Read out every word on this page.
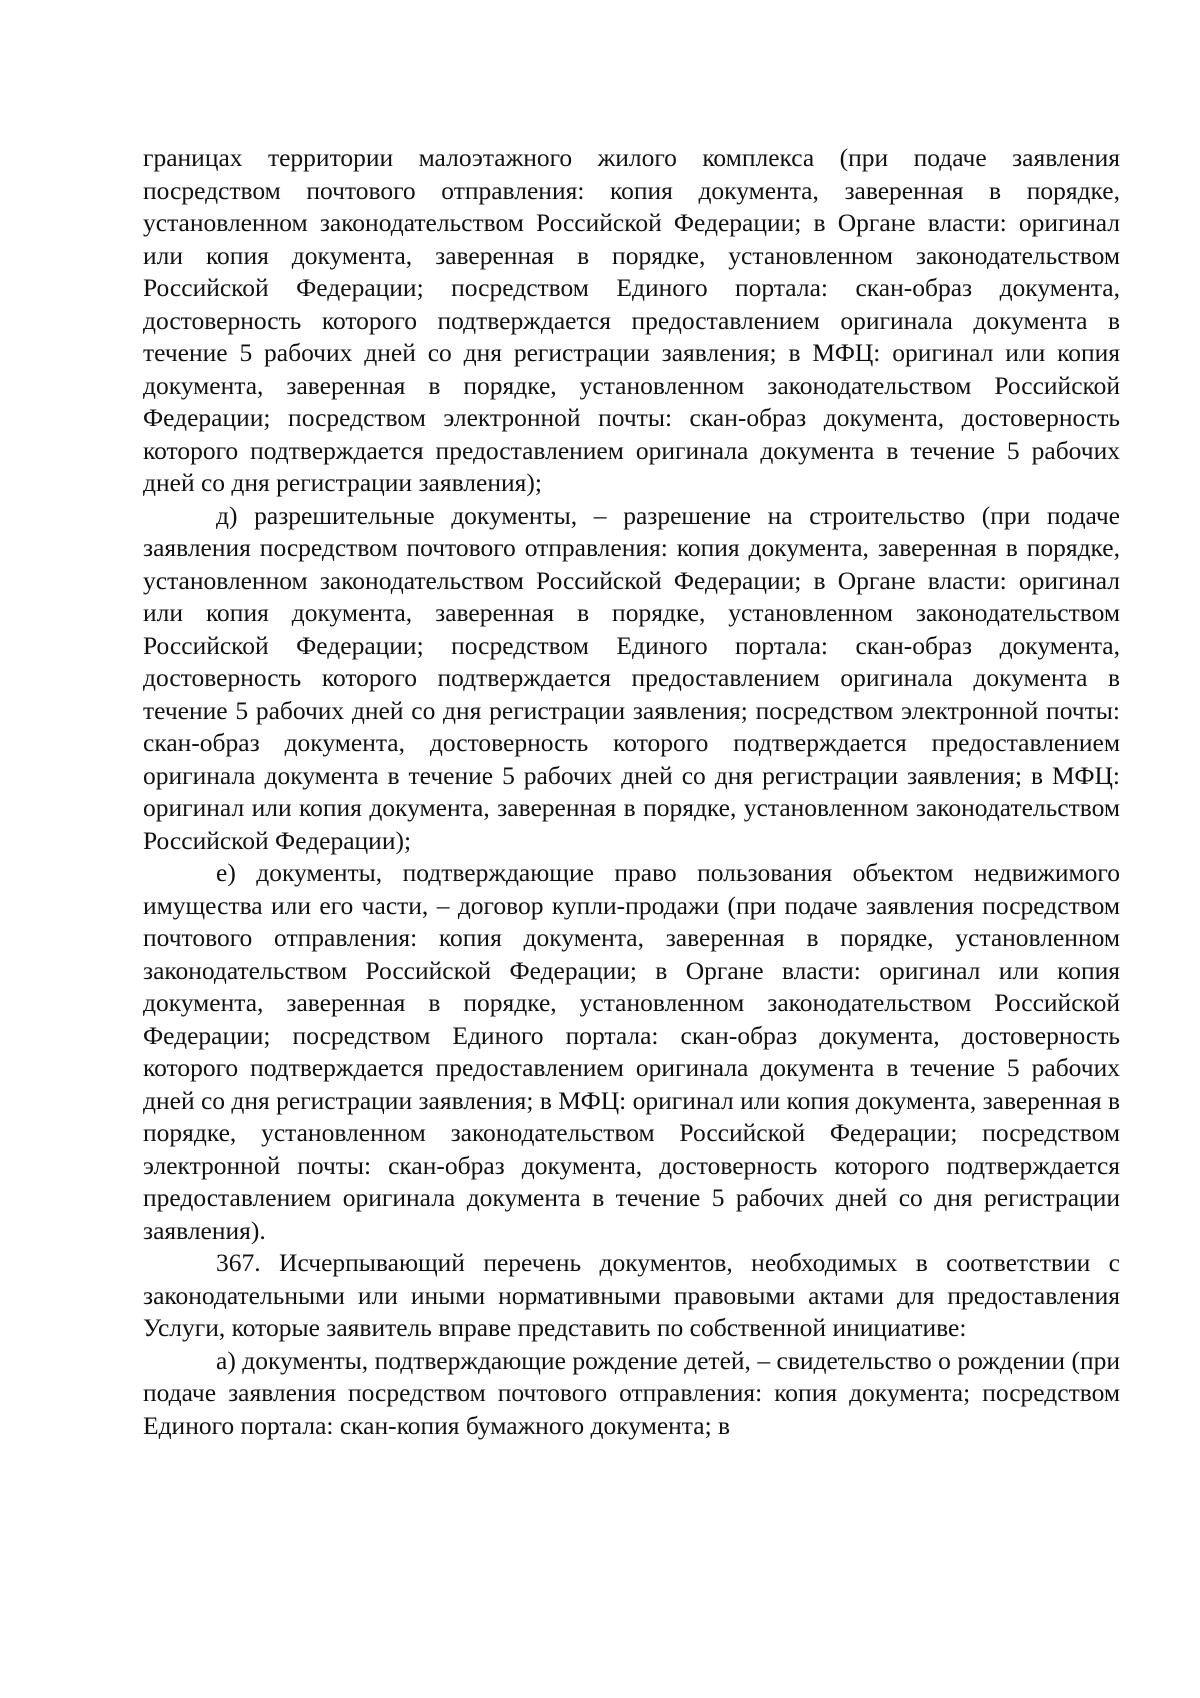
границах территории малоэтажного жилого комплекса (при подаче заявления посредством почтового отправления: копия документа, заверенная в порядке, установленном законодательством Российской Федерации; в Органе власти: оригинал или копия документа, заверенная в порядке, установленном законодательством Российской Федерации; посредством Единого портала: скан-образ документа, достоверность которого подтверждается предоставлением оригинала документа в течение 5 рабочих дней со дня регистрации заявления; в МФЦ: оригинал или копия документа, заверенная в порядке, установленном законодательством Российской Федерации; посредством электронной почты: скан-образ документа, достоверность которого подтверждается предоставлением оригинала документа в течение 5 рабочих дней со дня регистрации заявления);

д) разрешительные документы, – разрешение на строительство (при подаче заявления посредством почтового отправления: копия документа, заверенная в порядке, установленном законодательством Российской Федерации; в Органе власти: оригинал или копия документа, заверенная в порядке, установленном законодательством Российской Федерации; посредством Единого портала: скан-образ документа, достоверность которого подтверждается предоставлением оригинала документа в течение 5 рабочих дней со дня регистрации заявления; посредством электронной почты: скан-образ документа, достоверность которого подтверждается предоставлением оригинала документа в течение 5 рабочих дней со дня регистрации заявления; в МФЦ: оригинал или копия документа, заверенная в порядке, установленном законодательством Российской Федерации);

е) документы, подтверждающие право пользования объектом недвижимого имущества или его части, – договор купли-продажи (при подаче заявления посредством почтового отправления: копия документа, заверенная в порядке, установленном законодательством Российской Федерации; в Органе власти: оригинал или копия документа, заверенная в порядке, установленном законодательством Российской Федерации; посредством Единого портала: скан-образ документа, достоверность которого подтверждается предоставлением оригинала документа в течение 5 рабочих дней со дня регистрации заявления; в МФЦ: оригинал или копия документа, заверенная в порядке, установленном законодательством Российской Федерации; посредством электронной почты: скан-образ документа, достоверность которого подтверждается предоставлением оригинала документа в течение 5 рабочих дней со дня регистрации заявления).

367. Исчерпывающий перечень документов, необходимых в соответствии с законодательными или иными нормативными правовыми актами для предоставления Услуги, которые заявитель вправе представить по собственной инициативе:

а) документы, подтверждающие рождение детей, – свидетельство о рождении (при подаче заявления посредством почтового отправления: копия документа; посредством Единого портала: скан-копия бумажного документа; в
